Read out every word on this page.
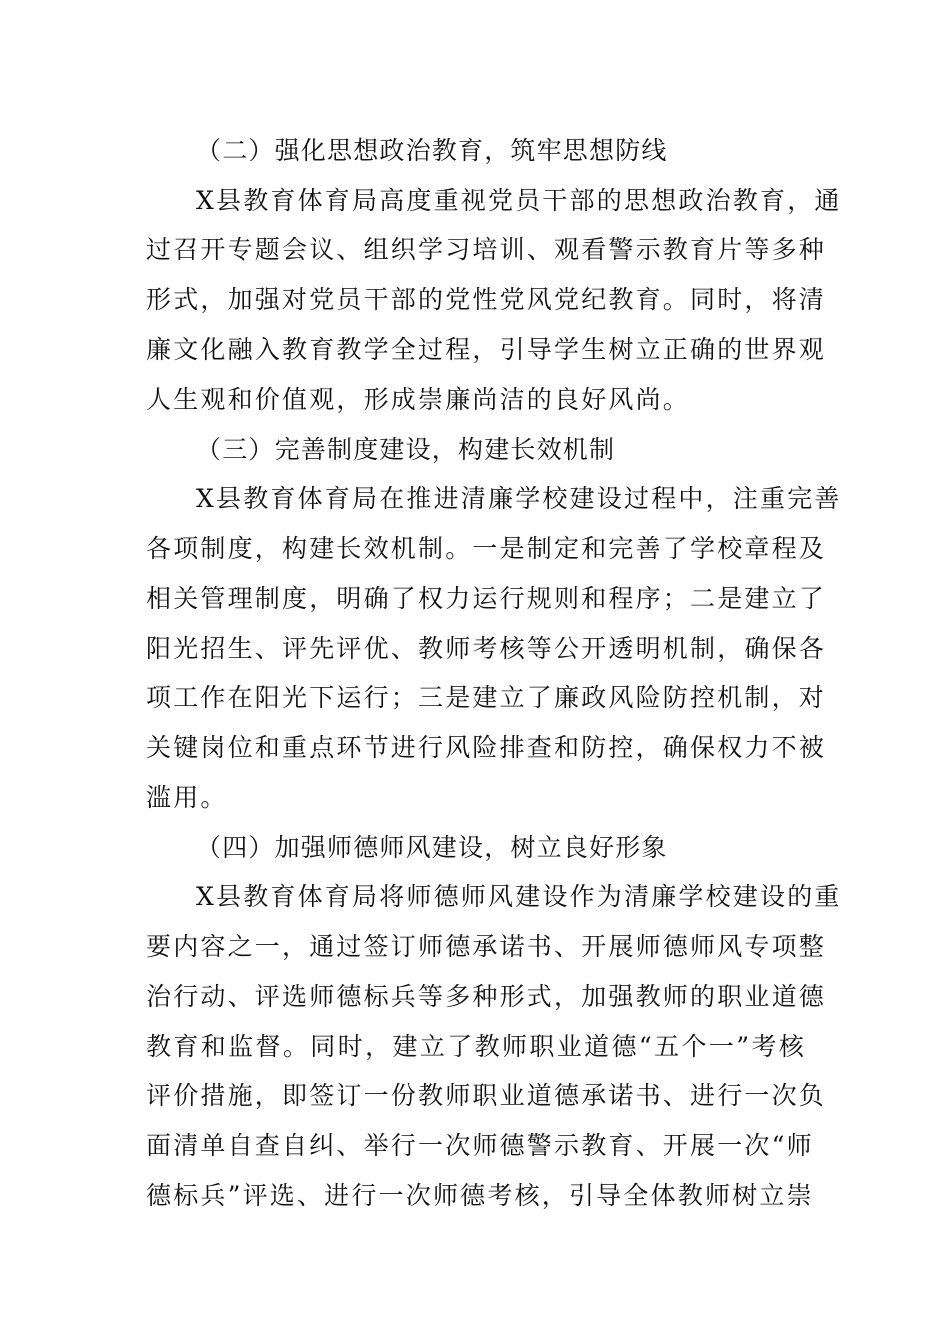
（二）强化思想政治教育，筑牢思想防线
X县教育体育局高度重视党员干部的思想政治教育，通
过召开专题会议、组织学习培训、观看警示教育片等多种
形式，加强对党员干部的党性党风党纪教育。同时，将清
廉文化融入教育教学全过程，引导学生树立正确的世界观
人生观和价值观，形成崇廉尚洁的良好风尚。
（三）完善制度建设，构建长效机制
X县教育体育局在推进清廉学校建设过程中，注重完善
各项制度，构建长效机制。一是制定和完善了学校章程及
相关管理制度，明确了权力运行规则和程序；二是建立了
阳光招生、评先评优、教师考核等公开透明机制，确保各
项工作在阳光下运行；三是建立了廉政风险防控机制，对
关键岗位和重点环节进行风险排查和防控，确保权力不被
滥用。
（四）加强师德师风建设，树立良好形象
X县教育体育局将师德师风建设作为清廉学校建设的重
要内容之一，通过签订师德承诺书、开展师德师风专项整
治行动、评选师德标兵等多种形式，加强教师的职业道德
教育和监督。同时，建立了教师职业道德“五个一”考核
评价措施，即签订一份教师职业道德承诺书、进行一次负
面清单自查自纠、举行一次师德警示教育、开展一次“师
德标兵”评选、进行一次师德考核，引导全体教师树立崇
